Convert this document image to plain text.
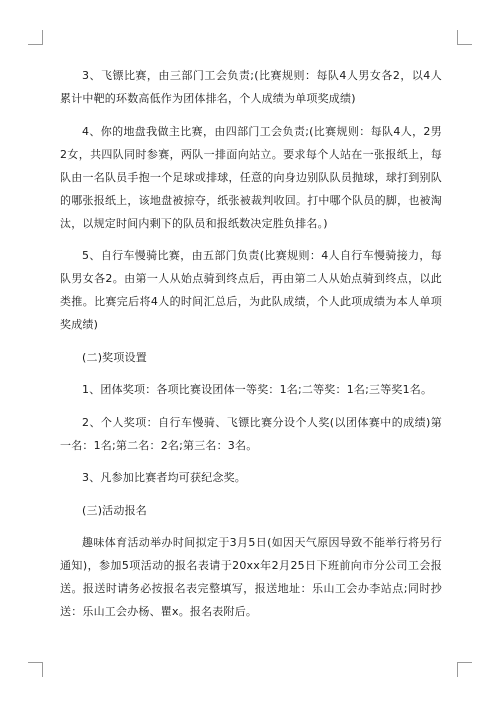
3、飞镖比赛，由三部门工会负责;(比赛规则：每队4人男女各2，以4人累计中靶的环数高低作为团体排名，个人成绩为单项奖成绩)

4、你的地盘我做主比赛，由四部门工会负责;(比赛规则：每队4人，2男2女，共四队同时参赛，两队一排面向站立。要求每个人站在一张报纸上，每队由一名队员手抱一个足球或排球，任意的向身边别队队员抛球，球打到别队的哪张报纸上，该地盘被掠夺，纸张被裁判收回。打中哪个队员的脚，也被淘汰，以规定时间内剩下的队员和报纸数决定胜负排名。)

5、自行车慢骑比赛，由五部门负责(比赛规则：4人自行车慢骑接力，每队男女各2。由第一人从始点骑到终点后，再由第二人从始点骑到终点，以此类推。比赛完后将4人的时间汇总后，为此队成绩，个人此项成绩为本人单项奖成绩)

(二)奖项设置

1、团体奖项：各项比赛设团体一等奖：1名;二等奖：1名;三等奖1名。

2、个人奖项：自行车慢骑、飞镖比赛分设个人奖(以团体赛中的成绩)第一名：1名;第二名：2名;第三名：3名。

3、凡参加比赛者均可获纪念奖。

(三)活动报名

趣味体育活动举办时间拟定于3月5日(如因天气原因导致不能举行将另行通知)，参加5项活动的报名表请于20xx年2月25日下班前向市分公司工会报送。报送时请务必按报名表完整填写，报送地址：乐山工会办李站点;同时抄送：乐山工会办杨、瞿x。报名表附后。
